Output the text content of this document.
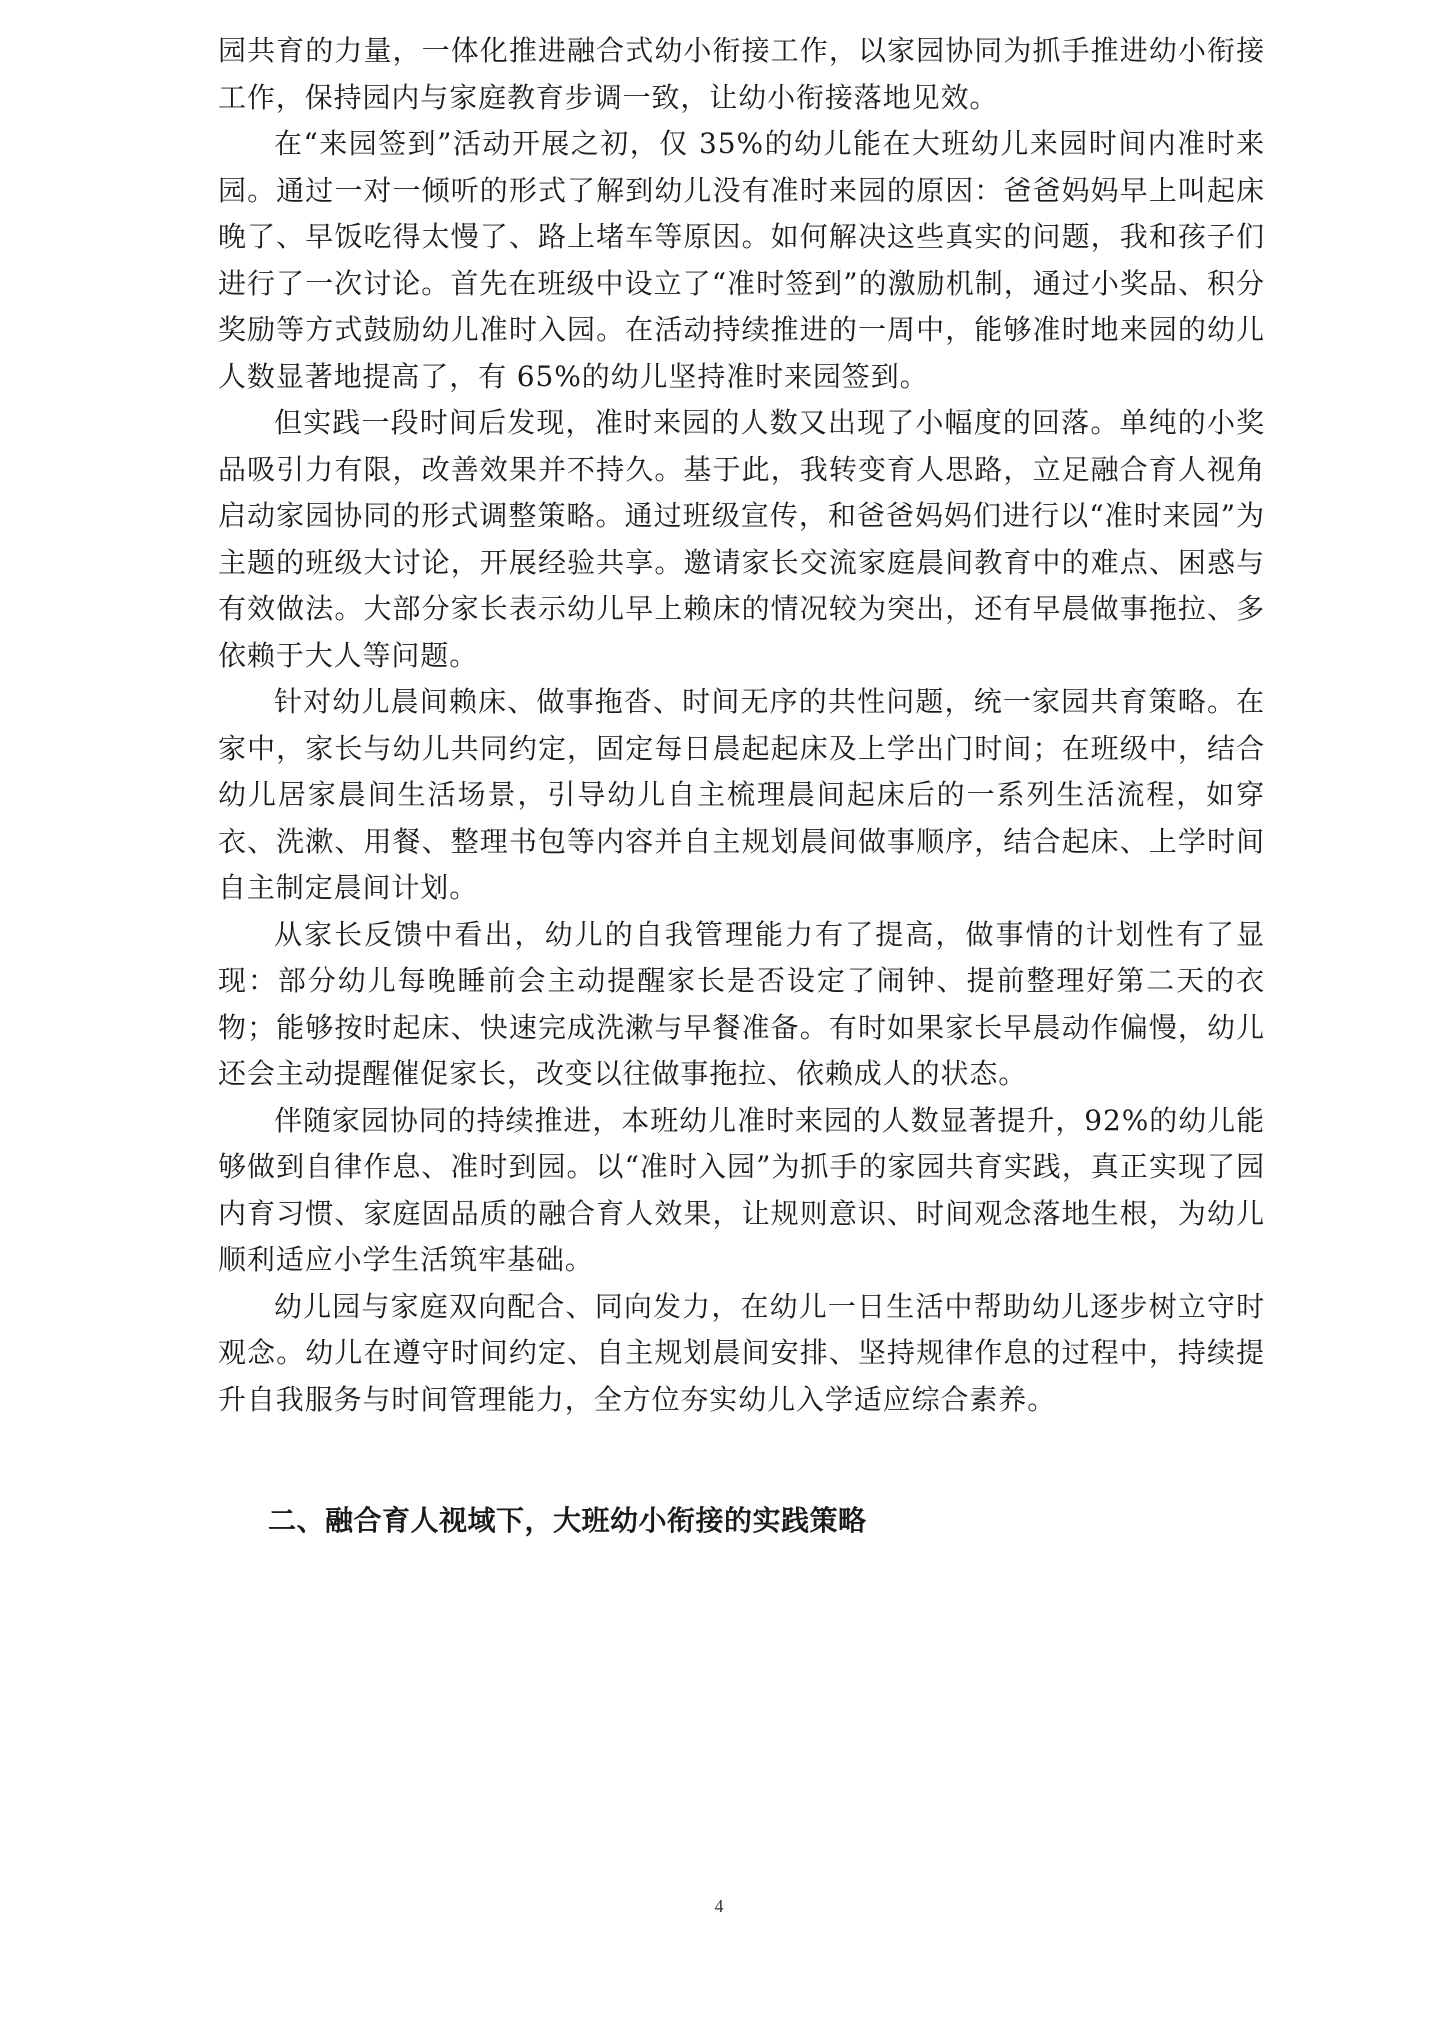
园共育的力量，一体化推进融合式幼小衔接工作，以家园协同为抓手推进幼小衔接工作，保持园内与家庭教育步调一致，让幼小衔接落地见效。

在“来园签到”活动开展之初，仅 35%的幼儿能在大班幼儿来园时间内准时来园。通过一对一倾听的形式了解到幼儿没有准时来园的原因：爸爸妈妈早上叫起床晚了、早饭吃得太慢了、路上堵车等原因。如何解决这些真实的问题，我和孩子们进行了一次讨论。首先在班级中设立了“准时签到”的激励机制，通过小奖品、积分奖励等方式鼓励幼儿准时入园。在活动持续推进的一周中，能够准时地来园的幼儿人数显著地提高了，有 65%的幼儿坚持准时来园签到。

但实践一段时间后发现，准时来园的人数又出现了小幅度的回落。单纯的小奖品吸引力有限，改善效果并不持久。基于此，我转变育人思路，立足融合育人视角启动家园协同的形式调整策略。通过班级宣传，和爸爸妈妈们进行以“准时来园”为主题的班级大讨论，开展经验共享。邀请家长交流家庭晨间教育中的难点、困惑与有效做法。大部分家长表示幼儿早上赖床的情况较为突出，还有早晨做事拖拉、多依赖于大人等问题。

针对幼儿晨间赖床、做事拖沓、时间无序的共性问题，统一家园共育策略。在家中，家长与幼儿共同约定，固定每日晨起起床及上学出门时间；在班级中，结合幼儿居家晨间生活场景，引导幼儿自主梳理晨间起床后的一系列生活流程，如穿衣、洗漱、用餐、整理书包等内容并自主规划晨间做事顺序，结合起床、上学时间自主制定晨间计划。

从家长反馈中看出，幼儿的自我管理能力有了提高，做事情的计划性有了显现：部分幼儿每晚睡前会主动提醒家长是否设定了闹钟、提前整理好第二天的衣物；能够按时起床、快速完成洗漱与早餐准备。有时如果家长早晨动作偏慢，幼儿还会主动提醒催促家长，改变以往做事拖拉、依赖成人的状态。

伴随家园协同的持续推进，本班幼儿准时来园的人数显著提升，92%的幼儿能够做到自律作息、准时到园。以“准时入园”为抓手的家园共育实践，真正实现了园内育习惯、家庭固品质的融合育人效果，让规则意识、时间观念落地生根，为幼儿顺利适应小学生活筑牢基础。

幼儿园与家庭双向配合、同向发力，在幼儿一日生活中帮助幼儿逐步树立守时观念。幼儿在遵守时间约定、自主规划晨间安排、坚持规律作息的过程中，持续提升自我服务与时间管理能力，全方位夯实幼儿入学适应综合素养。

二、融合育人视域下，大班幼小衔接的实践策略
4
